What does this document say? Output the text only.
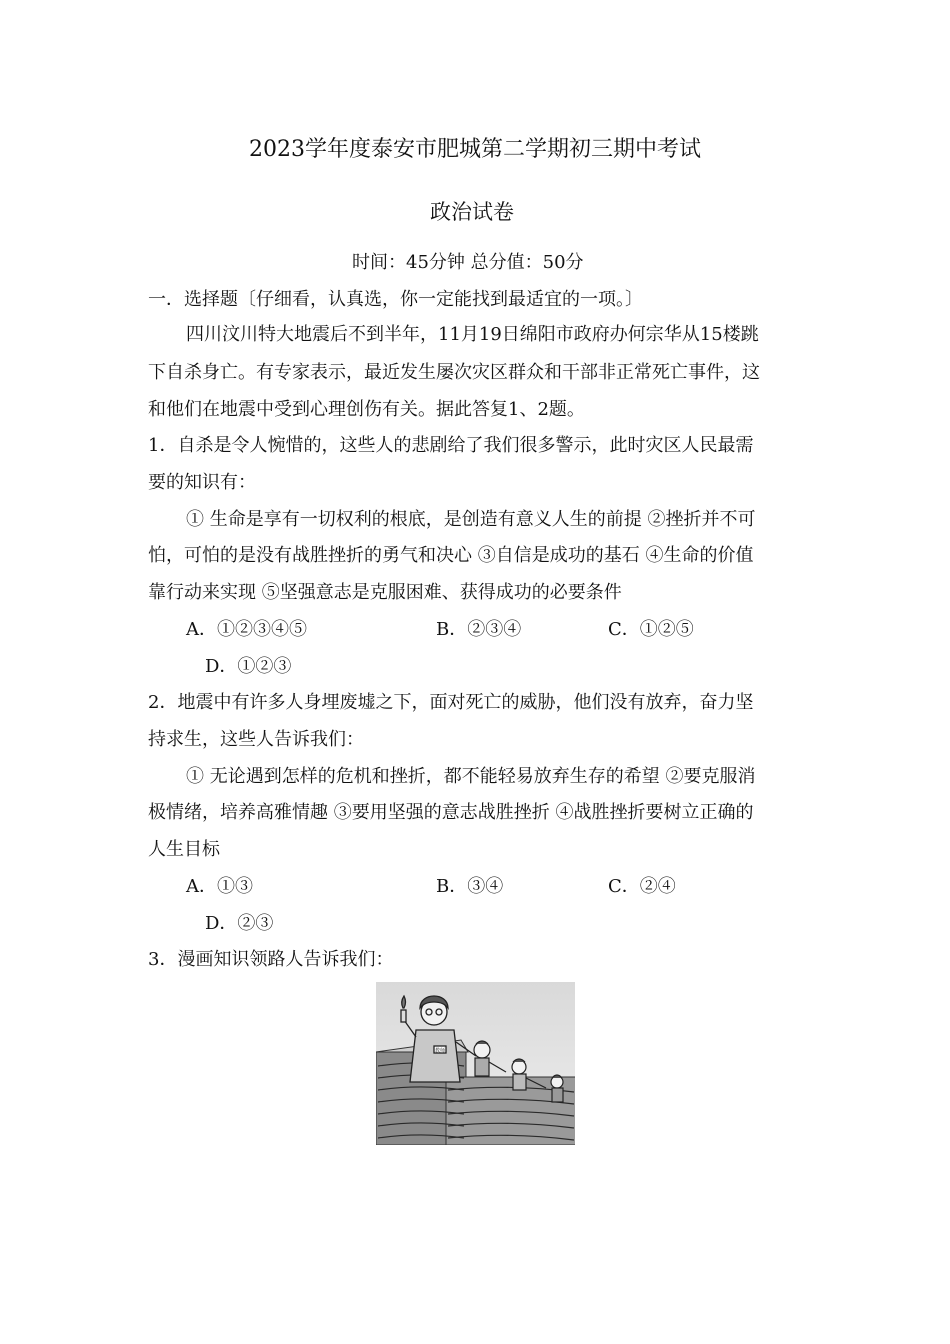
2023学年度泰安市肥城第二学期初三期中考试
政治试卷
时间：45分钟 总分值：50分
一．选择题〔仔细看，认真选，你一定能找到最适宜的一项。〕
四川汶川特大地震后不到半年，11月19日绵阳市政府办何宗华从15楼跳
下自杀身亡。有专家表示，最近发生屡次灾区群众和干部非正常死亡事件，这
和他们在地震中受到心理创伤有关。据此答复1、2题。
1．自杀是令人惋惜的，这些人的悲剧给了我们很多警示，此时灾区人民最需
要的知识有：
① 生命是享有一切权利的根底，是创造有意义人生的前提 ②挫折并不可
怕，可怕的是没有战胜挫折的勇气和决心 ③自信是成功的基石 ④生命的价值
靠行动来实现 ⑤坚强意志是克服困难、获得成功的必要条件
A．①②③④⑤	B．②③④	C．①②⑤
D．①②③
2．地震中有许多人身埋废墟之下，面对死亡的威胁，他们没有放弃，奋力坚
持求生，这些人告诉我们：
① 无论遇到怎样的危机和挫折，都不能轻易放弃生存的希望 ②要克服消
极情绪，培养高雅情趣 ③要用坚强的意志战胜挫折 ④战胜挫折要树立正确的
人生目标
A．①③	B．③④	C．②④
D．②③
3．漫画知识领路人告诉我们：
教师
